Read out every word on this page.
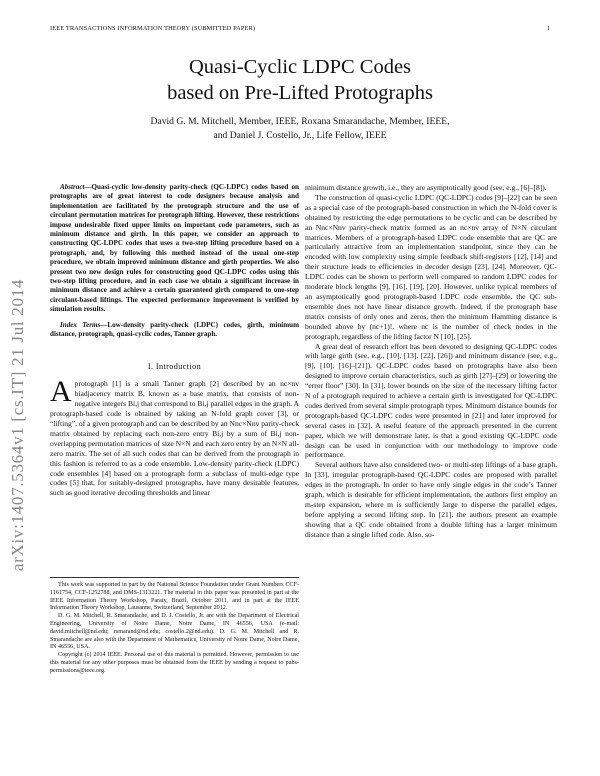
IEEE TRANSACTIONS INFORMATION THEORY (SUBMITTED PAPER)	1
arXiv:1407.5364v1 [cs.IT] 21 Jul 2014
Quasi-Cyclic LDPC Codes
based on Pre-Lifted Protographs
David G. M. Mitchell, Member, IEEE, Roxana Smarandache, Member, IEEE,
and Daniel J. Costello, Jr., Life Fellow, IEEE

Abstract—Quasi-cyclic low-density parity-check (QC-LDPC) codes based on protographs are of great interest to code designers because analysis and implementation are facilitated by the protograph structure and the use of circulant permutation matrices for protograph lifting. However, these restrictions impose undesirable fixed upper limits on important code parameters, such as minimum distance and girth. In this paper, we consider an approach to constructing QC-LDPC codes that uses a two-step lifting procedure based on a protograph, and, by following this method instead of the usual one-step procedure, we obtain improved minimum distance and girth properties. We also present two new design rules for constructing good QC-LDPC codes using this two-step lifting procedure, and in each case we obtain a significant increase in minimum distance and achieve a certain guaranteed girth compared to one-step circulant-based liftings. The expected performance improvement is verified by simulation results.

Index Terms—Low-density parity-check (LDPC) codes, girth, minimum distance, protograph, quasi-cyclic codes, Tanner graph.

I. Introduction

Aprotograph [1] is a small Tanner graph [2] described by an nc×nv biadjacency matrix B, known as a base matrix, that consists of non-negative integers Bi,j that correspond to Bi,j parallel edges in the graph. A protograph-based code is obtained by taking an N-fold graph cover [3], or “lifting”, of a given protograph and can be described by an Nnc×Nnv parity-check matrix obtained by replacing each non-zero entry Bi,j by a sum of Bi,j non-overlapping permutation matrices of size N×N and each zero entry by an N×N all-zero matrix. The set of all such codes that can be derived from the protograph in this fashion is referred to as a code ensemble. Low-density parity-check (LDPC) code ensembles [4] based on a protograph form a subclass of multi-edge type codes [5] that, for suitably-designed protographs, have many desirable features, such as good iterative decoding thresholds and linear

This work was supported in part by the National Science Foundation under Grant Numbers CCF-1161754, CCF-1252788, and DMS-1313221. The material in this paper was presented in part at the IEEE Information Theory Workshop, Paraty, Brazil, October 2011, and in part at the IEEE Information Theory Workshop, Lausanne, Switzerland, September 2012.

D. G. M. Mitchell, R. Smarandache, and D. J. Costello, Jr. are with the Department of Electrical Engineering, University of Notre Dame, Notre Dame, IN 46556, USA (e-mail: david.mitchell@nd.edu; rsmarand@nd.edu; costello.2@nd.edu). D. G. M. Mitchell and R. Smarandache are also with the Department of Mathematics, University of Notre Dame, Notre Dame, IN 46556, USA.

Copyright (c) 2014 IEEE. Personal use of this material is permitted. However, permission to use this material for any other purposes must be obtained from the IEEE by sending a request to pubs-permissions@ieee.org.

minimum distance growth, i.e., they are asymptotically good (see, e.g., [6]–[8]).

The construction of quasi-cyclic LDPC (QC-LDPC) codes [9]–[22] can be seen as a special case of the protograph-based construction in which the N-fold cover is obtained by restricting the edge permutations to be cyclic and can be described by an Nnc×Nnv parity-check matrix formed as an nc×nv array of N×N circulant matrices. Members of a protograph-based LDPC code ensemble that are QC are particularly attractive from an implementation standpoint, since they can be encoded with low complexity using simple feedback shift-registers [12], [14] and their structure leads to efficiencies in decoder design [23], [24]. Moreover, QC-LDPC codes can be shown to perform well compared to random LDPC codes for moderate block lengths [9], [16], [19], [20]. However, unlike typical members of an asymptotically good protograph-based LDPC code ensemble, the QC sub-ensemble does not have linear distance growth. Indeed, if the protograph base matrix consists of only ones and zeros, then the minimum Hamming distance is bounded above by (nc+1)!, where nc is the number of check nodes in the protograph, regardless of the lifting factor N [10], [25].

A great deal of research effort has been devoted to designing QC-LDPC codes with large girth (see, e.g., [10], [13], [22], [26]) and minimum distance (see, e.g., [9], [10], [16]–[21]). QC-LDPC codes based on protographs have also been designed to improve certain characteristics, such as girth [27]–[29] or lowering the “error floor” [30]. In [31], lower bounds on the size of the necessary lifting factor N of a protograph required to achieve a certain girth is investigated for QC-LDPC codes derived from several simple protograph types. Minimum distance bounds for protograph-based QC-LDPC codes were presented in [21] and later improved for several cases in [32]. A useful feature of the approach presented in the current paper, which we will demonstrate later, is that a good existing QC-LDPC code design can be used in conjunction with our methodology to improve code performance.

Several authors have also considered two- or multi-step liftings of a base graph. In [33], irregular protograph-based QC-LDPC codes are proposed with parallel edges in the protograph. In order to have only single edges in the code’s Tanner graph, which is desirable for efficient implementation, the authors first employ an m-step expansion, where m is sufficiently large to disperse the parallel edges, before applying a second lifting step. In [21], the authors present an example showing that a QC code obtained from a double lifting has a larger minimum distance than a single lifted code. Also, so-
